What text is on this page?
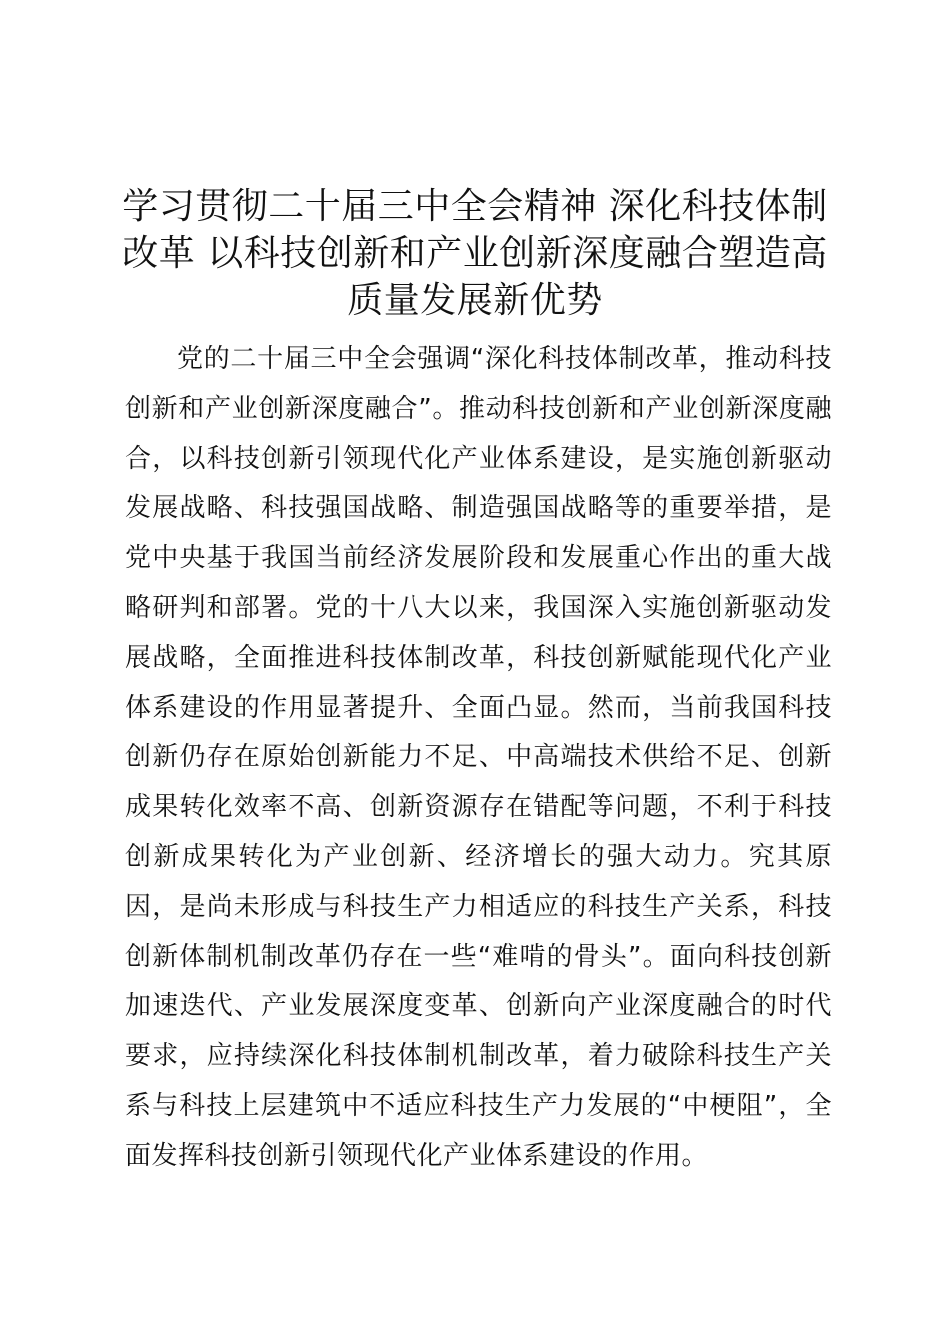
学习贯彻二十届三中全会精神 深化科技体制改革 以科技创新和产业创新深度融合塑造高质量发展新优势

党的二十届三中全会强调“深化科技体制改革，推动科技创新和产业创新深度融合”。推动科技创新和产业创新深度融合，以科技创新引领现代化产业体系建设，是实施创新驱动发展战略、科技强国战略、制造强国战略等的重要举措，是党中央基于我国当前经济发展阶段和发展重心作出的重大战略研判和部署。党的十八大以来，我国深入实施创新驱动发展战略，全面推进科技体制改革，科技创新赋能现代化产业体系建设的作用显著提升、全面凸显。然而，当前我国科技创新仍存在原始创新能力不足、中高端技术供给不足、创新成果转化效率不高、创新资源存在错配等问题，不利于科技创新成果转化为产业创新、经济增长的强大动力。究其原因，是尚未形成与科技生产力相适应的科技生产关系，科技创新体制机制改革仍存在一些“难啃的骨头”。面向科技创新加速迭代、产业发展深度变革、创新向产业深度融合的时代要求，应持续深化科技体制机制改革，着力破除科技生产关系与科技上层建筑中不适应科技生产力发展的“中梗阻”，全面发挥科技创新引领现代化产业体系建设的作用。
